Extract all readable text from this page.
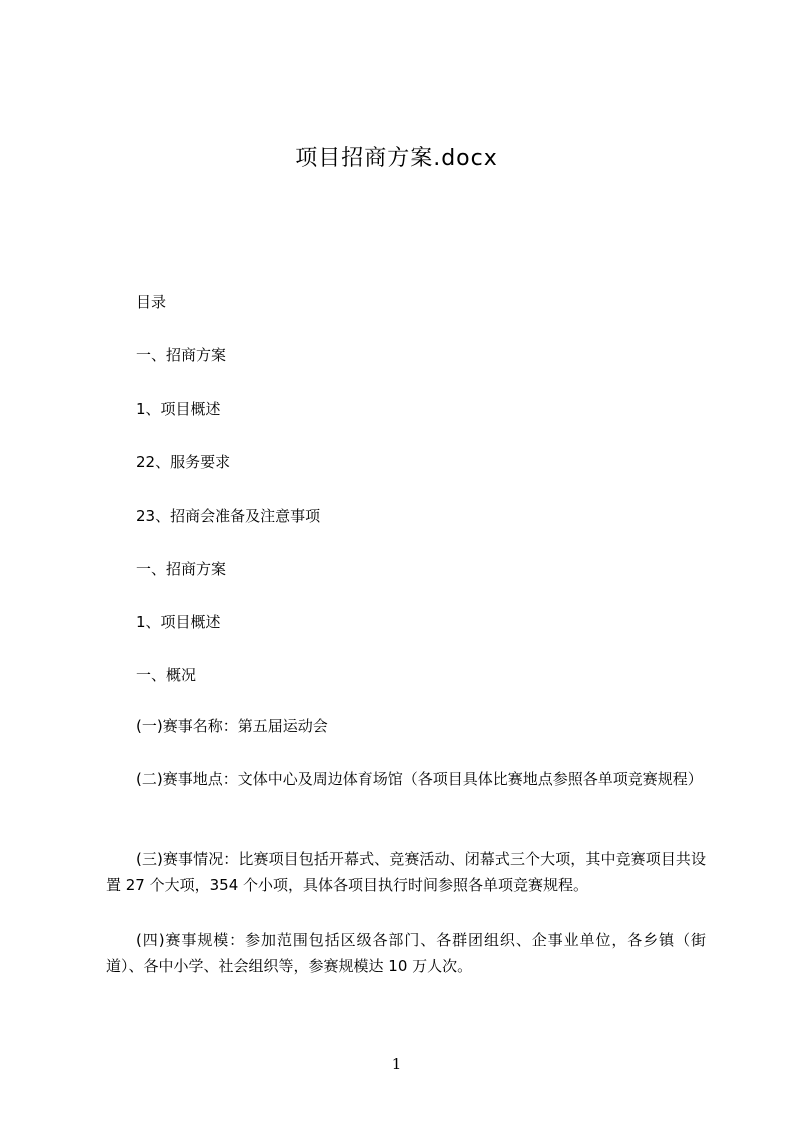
项目招商方案.docx
目录
一、招商方案
1、项目概述
22、服务要求
23、招商会准备及注意事项
一、招商方案
1、项目概述
一、概况
(一)赛事名称：第五届运动会
(二)赛事地点：文体中心及周边体育场馆（各项目具体比赛地点参照各单项竞赛规程）
(三)赛事情况：比赛项目包括开幕式、竞赛活动、闭幕式三个大项，其中竞赛项目共设置 27 个大项，354 个小项，具体各项目执行时间参照各单项竞赛规程。
(四)赛事规模：参加范围包括区级各部门、各群团组织、企事业单位，各乡镇（街道）、各中小学、社会组织等，参赛规模达 10 万人次。
1
